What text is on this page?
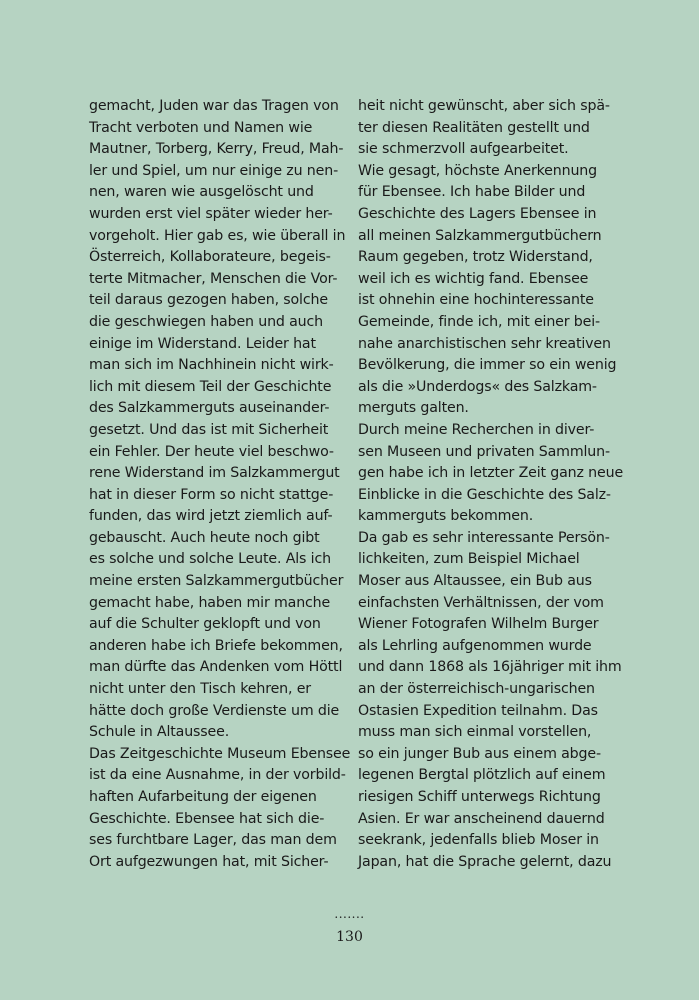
gemacht, Juden war das Tragen von
Tracht verboten und Namen wie
Mautner, Torberg, Kerry, Freud, Mah-
ler und Spiel, um nur einige zu nen-
nen, waren wie ausgelöscht und
wurden erst viel später wieder her-
vorgeholt. Hier gab es, wie überall in
Österreich, Kollaborateure, begeis-
terte Mitmacher, Menschen die Vor-
teil daraus gezogen haben, solche
die geschwiegen haben und auch
einige im Widerstand. Leider hat
man sich im Nachhinein nicht wirk-
lich mit diesem Teil der Geschichte
des Salzkammerguts auseinander-
gesetzt. Und das ist mit Sicherheit
ein Fehler. Der heute viel beschwo-
rene Widerstand im Salzkammergut
hat in dieser Form so nicht stattge-
funden, das wird jetzt ziemlich auf-
gebauscht. Auch heute noch gibt
es solche und solche Leute. Als ich
meine ersten Salzkammergutbücher
gemacht habe, haben mir manche
auf die Schulter geklopft und von
anderen habe ich Briefe bekommen,
man dürfte das Andenken vom Höttl
nicht unter den Tisch kehren, er
hätte doch große Verdienste um die
Schule in Altaussee.
Das Zeitgeschichte Museum Ebensee
ist da eine Ausnahme, in der vorbild-
haften Aufarbeitung der eigenen
Geschichte. Ebensee hat sich die-
ses furchtbare Lager, das man dem
Ort aufgezwungen hat, mit Sicher-
heit nicht gewünscht, aber sich spä-
ter diesen Realitäten gestellt und
sie schmerzvoll aufgearbeitet.
Wie gesagt, höchste Anerkennung
für Ebensee. Ich habe Bilder und
Geschichte des Lagers Ebensee in
all meinen Salzkammergutbüchern
Raum gegeben, trotz Widerstand,
weil ich es wichtig fand. Ebensee
ist ohnehin eine hochinteressante
Gemeinde, finde ich, mit einer bei-
nahe anarchistischen sehr kreativen
Bevölkerung, die immer so ein wenig
als die »Underdogs« des Salzkam-
merguts galten.
Durch meine Recherchen in diver-
sen Museen und privaten Sammlun-
gen habe ich in letzter Zeit ganz neue
Einblicke in die Geschichte des Salz-
kammerguts bekommen.
Da gab es sehr interessante Persön-
lichkeiten, zum Beispiel Michael
Moser aus Altaussee, ein Bub aus
einfachsten Verhältnissen, der vom
Wiener Fotografen Wilhelm Burger
als Lehrling aufgenommen wurde
und dann 1868 als 16jähriger mit ihm
an der österreichisch-ungarischen
Ostasien Expedition teilnahm. Das
muss man sich einmal vorstellen,
so ein junger Bub aus einem abge-
legenen Bergtal plötzlich auf einem
riesigen Schiff unterwegs Richtung
Asien. Er war anscheinend dauernd
seekrank, jedenfalls blieb Moser in
Japan, hat die Sprache gelernt, dazu
.......
130
